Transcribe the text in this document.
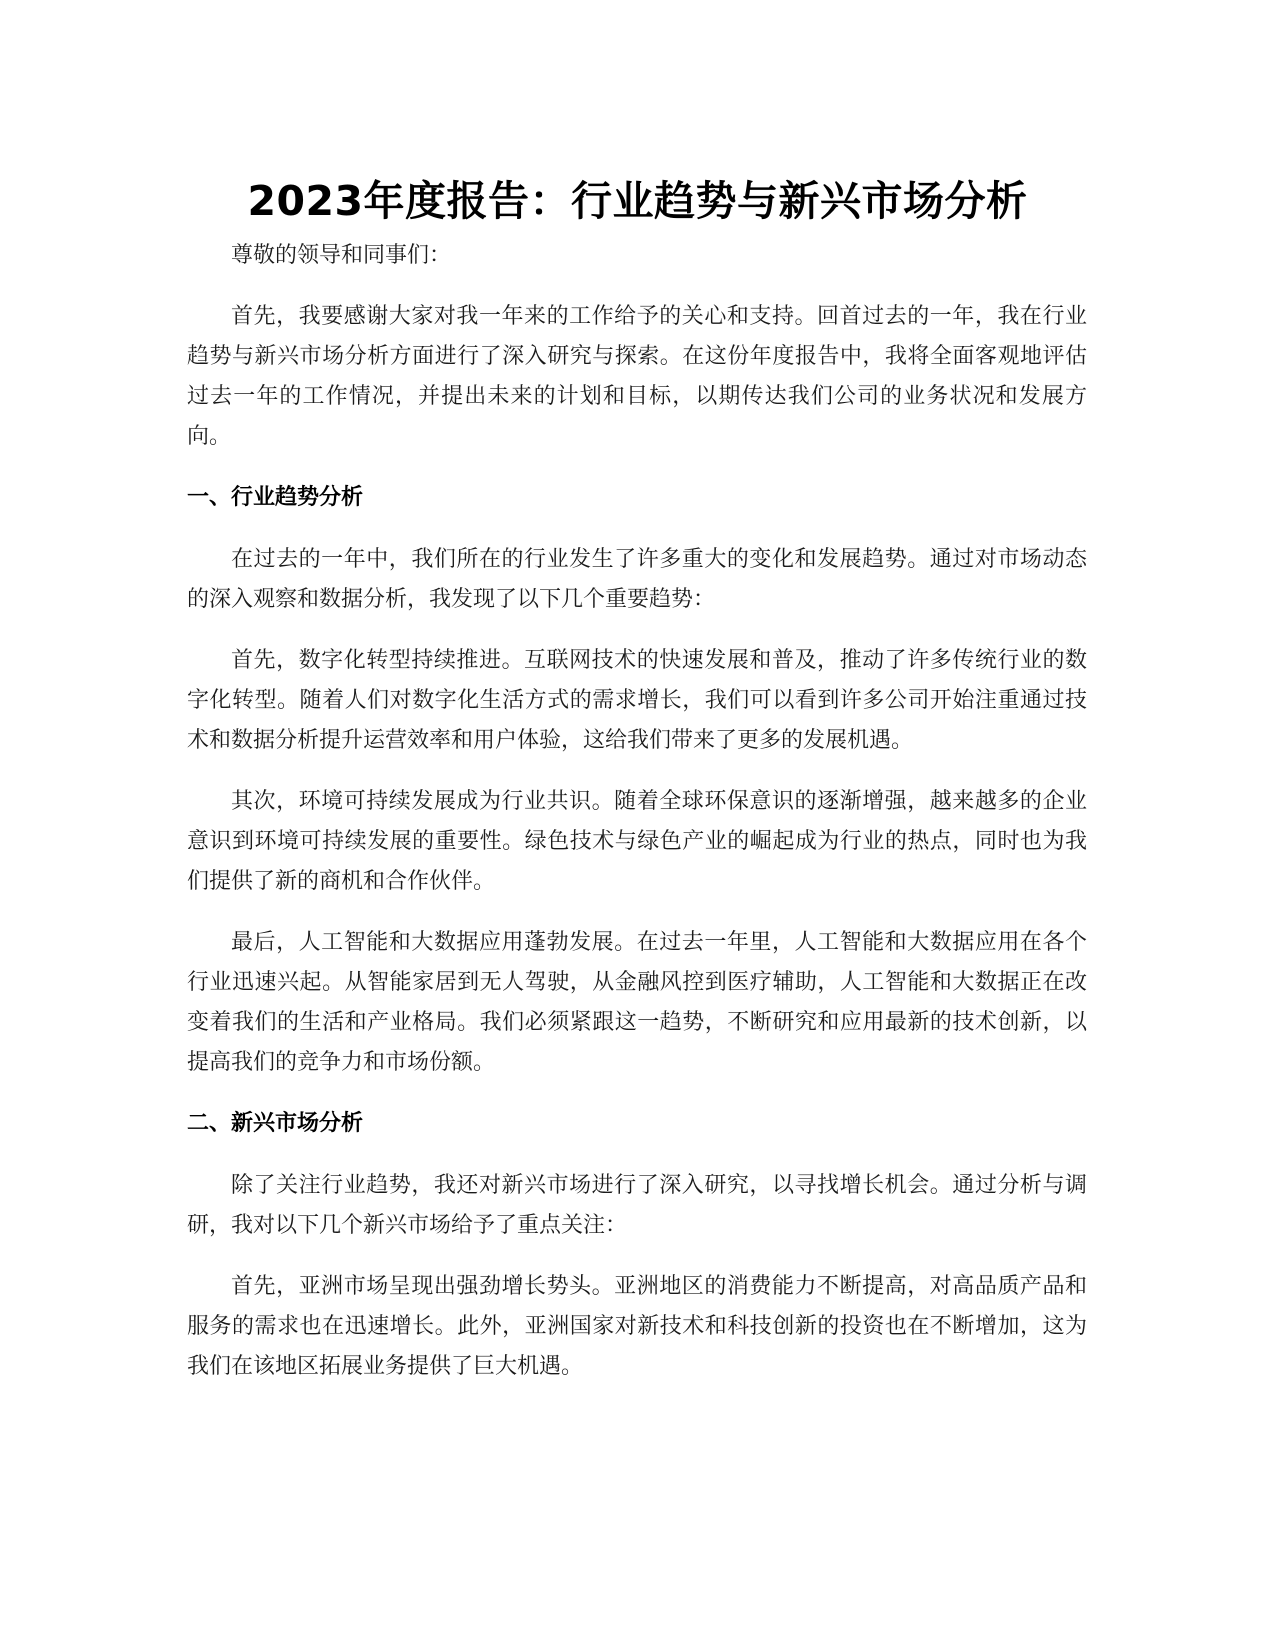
2023年度报告：行业趋势与新兴市场分析

尊敬的领导和同事们：

首先，我要感谢大家对我一年来的工作给予的关心和支持。回首过去的一年，我在行业趋势与新兴市场分析方面进行了深入研究与探索。在这份年度报告中，我将全面客观地评估过去一年的工作情况，并提出未来的计划和目标，以期传达我们公司的业务状况和发展方向。

一、行业趋势分析

在过去的一年中，我们所在的行业发生了许多重大的变化和发展趋势。通过对市场动态的深入观察和数据分析，我发现了以下几个重要趋势：

首先，数字化转型持续推进。互联网技术的快速发展和普及，推动了许多传统行业的数字化转型。随着人们对数字化生活方式的需求增长，我们可以看到许多公司开始注重通过技术和数据分析提升运营效率和用户体验，这给我们带来了更多的发展机遇。

其次，环境可持续发展成为行业共识。随着全球环保意识的逐渐增强，越来越多的企业意识到环境可持续发展的重要性。绿色技术与绿色产业的崛起成为行业的热点，同时也为我们提供了新的商机和合作伙伴。

最后，人工智能和大数据应用蓬勃发展。在过去一年里，人工智能和大数据应用在各个行业迅速兴起。从智能家居到无人驾驶，从金融风控到医疗辅助，人工智能和大数据正在改变着我们的生活和产业格局。我们必须紧跟这一趋势，不断研究和应用最新的技术创新，以提高我们的竞争力和市场份额。

二、新兴市场分析

除了关注行业趋势，我还对新兴市场进行了深入研究，以寻找增长机会。通过分析与调研，我对以下几个新兴市场给予了重点关注：

首先，亚洲市场呈现出强劲增长势头。亚洲地区的消费能力不断提高，对高品质产品和服务的需求也在迅速增长。此外，亚洲国家对新技术和科技创新的投资也在不断增加，这为我们在该地区拓展业务提供了巨大机遇。
